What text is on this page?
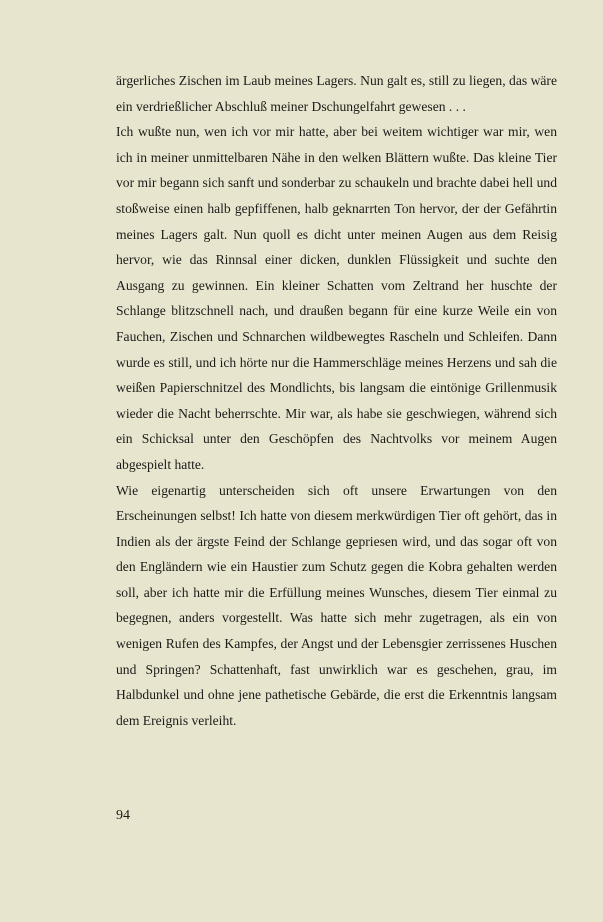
ärgerliches Zischen im Laub meines Lagers. Nun galt es, still zu liegen, das wäre ein verdrießlicher Abschluß meiner Dschungelfahrt gewesen . . .

Ich wußte nun, wen ich vor mir hatte, aber bei weitem wichtiger war mir, wen ich in meiner unmittelbaren Nähe in den welken Blättern wußte. Das kleine Tier vor mir begann sich sanft und sonderbar zu schaukeln und brachte dabei hell und stoßweise einen halb gepfiffenen, halb geknarrten Ton hervor, der der Gefährtin meines Lagers galt. Nun quoll es dicht unter meinen Augen aus dem Reisig hervor, wie das Rinnsal einer dicken, dunklen Flüssigkeit und suchte den Ausgang zu gewinnen. Ein kleiner Schatten vom Zeltrand her huschte der Schlange blitzschnell nach, und draußen begann für eine kurze Weile ein von Fauchen, Zischen und Schnarchen wildbewegtes Rascheln und Schleifen. Dann wurde es still, und ich hörte nur die Hammerschläge meines Herzens und sah die weißen Papierschnitzel des Mondlichts, bis langsam die eintönige Grillenmusik wieder die Nacht beherrschte. Mir war, als habe sie geschwiegen, während sich ein Schicksal unter den Geschöpfen des Nachtvolks vor meinem Augen abgespielt hatte.

Wie eigenartig unterscheiden sich oft unsere Erwartungen von den Erscheinungen selbst! Ich hatte von diesem merkwürdigen Tier oft gehört, das in Indien als der ärgste Feind der Schlange gepriesen wird, und das sogar oft von den Engländern wie ein Haustier zum Schutz gegen die Kobra gehalten werden soll, aber ich hatte mir die Erfüllung meines Wunsches, diesem Tier einmal zu begegnen, anders vorgestellt. Was hatte sich mehr zugetragen, als ein von wenigen Rufen des Kampfes, der Angst und der Lebensgier zerrissenes Huschen und Springen? Schattenhaft, fast unwirklich war es geschehen, grau, im Halbdunkel und ohne jene pathetische Gebärde, die erst die Erkenntnis langsam dem Ereignis verleiht.

94
